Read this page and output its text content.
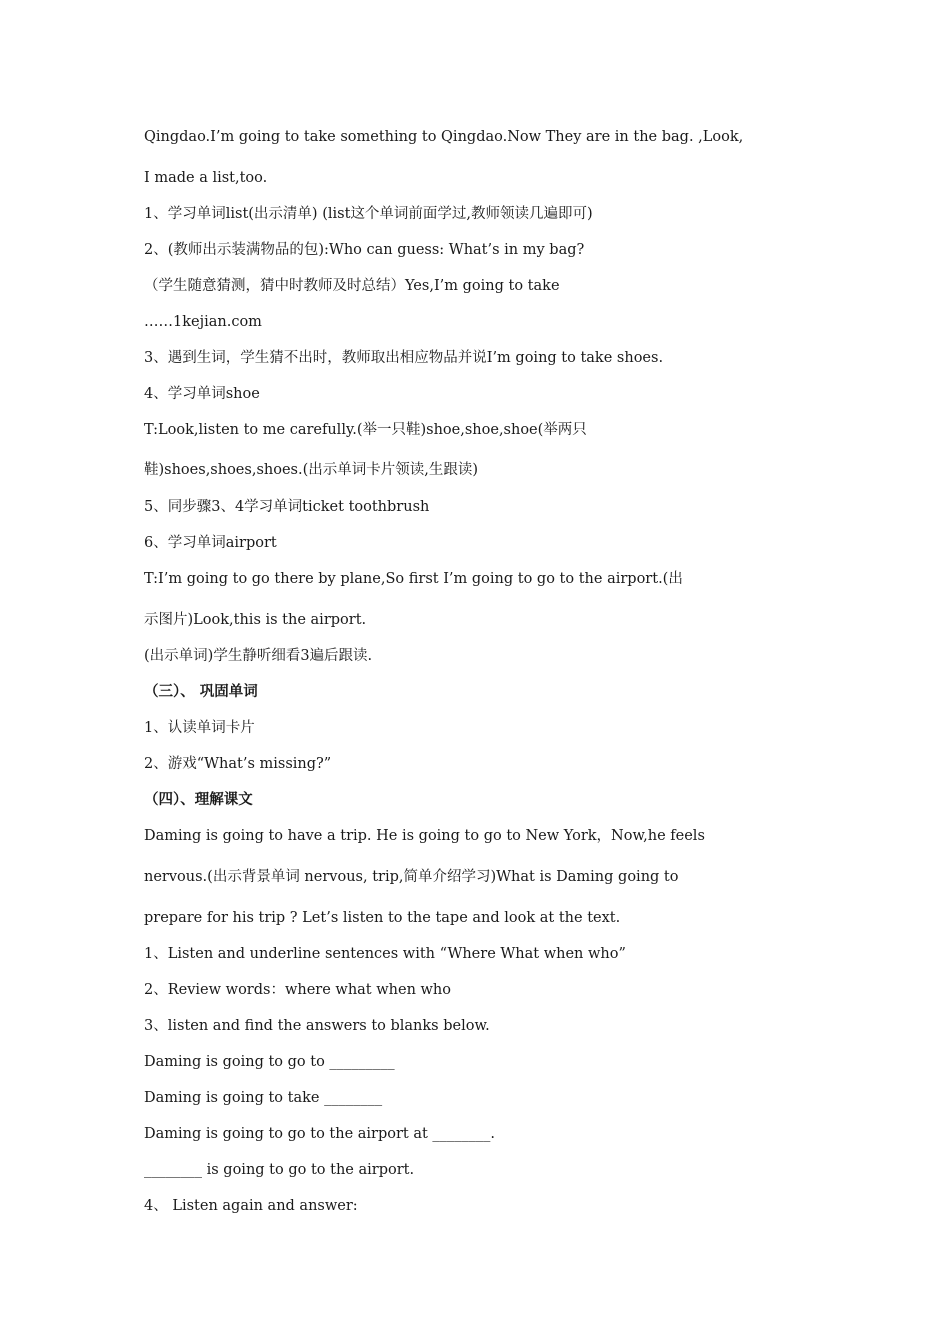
Qingdao.I’m going to take something to Qingdao.Now They are in the bag. ,Look,
I made a list,too.
1、学习单词list(出示清单) (list这个单词前面学过,教师领读几遍即可)
2、(教师出示装满物品的包):Who can guess: What’s in my bag?
（学生随意猜测，猜中时教师及时总结）Yes,I’m going to take
……1kejian.com
3、遇到生词，学生猜不出时，教师取出相应物品并说I’m going to take shoes.
4、学习单词shoe
T:Look,listen to me carefully.(举一只鞋)shoe,shoe,shoe(举两只
鞋)shoes,shoes,shoes.(出示单词卡片领读,生跟读)
5、同步骤3、4学习单词ticket toothbrush
6、学习单词airport
T:I’m going to go there by plane,So first I’m going to go to the airport.(出
示图片)Look,this is the airport.
(出示单词)学生静听细看3遍后跟读.
（三）、 巩固单词
1、认读单词卡片
2、游戏“What’s missing?”
（四）、理解课文
Daming is going to have a trip. He is going to go to New York，Now,he feels
nervous.(出示背景单词 nervous, trip,简单介绍学习)What is Daming going to
prepare for his trip ? Let’s listen to the tape and look at the text.
1、Listen and underline sentences with “Where What when who”
2、Review words：where what when who
3、listen and find the answers to blanks below.
Daming is going to go to _________
Daming is going to take ________
Daming is going to go to the airport at ________.
________ is going to go to the airport.
4、 Listen again and answer:
